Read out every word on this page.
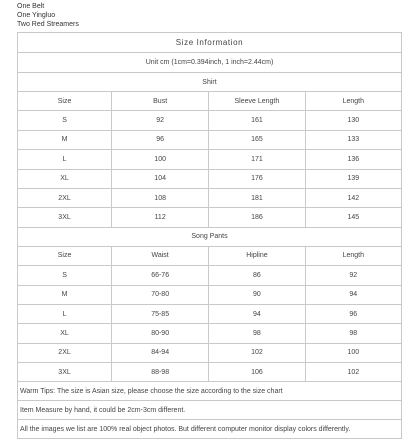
One Belt
One Yingluo
Two Red Streamers
Size Information			
Unit cm (1cm=0.394inch, 1 inch=2.44cm)			
Shirt			
Size	Bust	Sleeve Length	Length
S	92	161	130
M	96	165	133
L	100	171	136
XL	104	176	139
2XL	108	181	142
3XL	112	186	145
Song Pants			
Size	Waist	Hipline	Length
S	66-76	86	92
M	70-80	90	94
L	75-85	94	96
XL	80-90	98	98
2XL	84-94	102	100
3XL	88-98	106	102
Warm Tips: The size is Asian size, please choose the size according to the size chart			
Item Measure by hand, it could be 2cm-3cm different.			
All the images we list are 100% real object photos. But different computer monitor display colors differently.			
